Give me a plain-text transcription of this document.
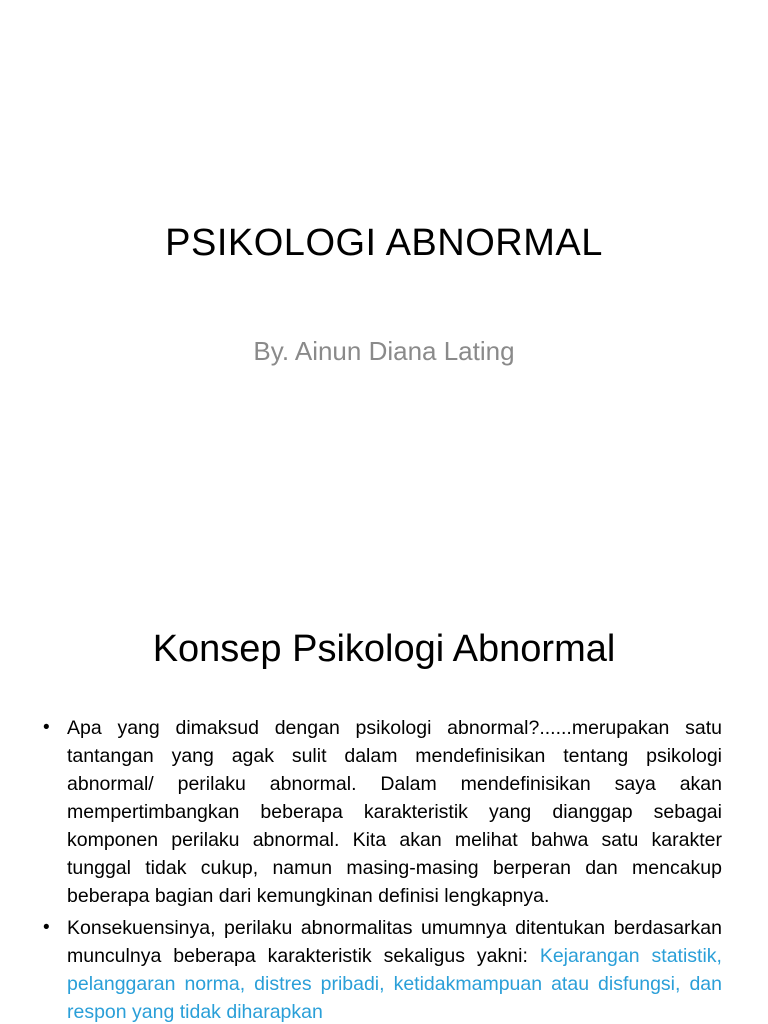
PSIKOLOGI ABNORMAL
By. Ainun Diana Lating
Konsep Psikologi Abnormal
• Apa yang dimaksud dengan psikologi abnormal?......merupakan satu tantangan yang agak sulit dalam mendefinisikan tentang psikologi abnormal/ perilaku abnormal. Dalam mendefinisikan saya akan mempertimbangkan beberapa karakteristik yang dianggap sebagai komponen perilaku abnormal. Kita akan melihat bahwa satu karakter tunggal tidak cukup, namun masing-masing berperan dan mencakup beberapa bagian dari kemungkinan definisi lengkapnya.
• Konsekuensinya, perilaku abnormalitas umumnya ditentukan berdasarkan munculnya beberapa karakteristik sekaligus yakni: Kejarangan statistik, pelanggaran norma, distres pribadi, ketidakmampuan atau disfungsi, dan respon yang tidak diharapkan
